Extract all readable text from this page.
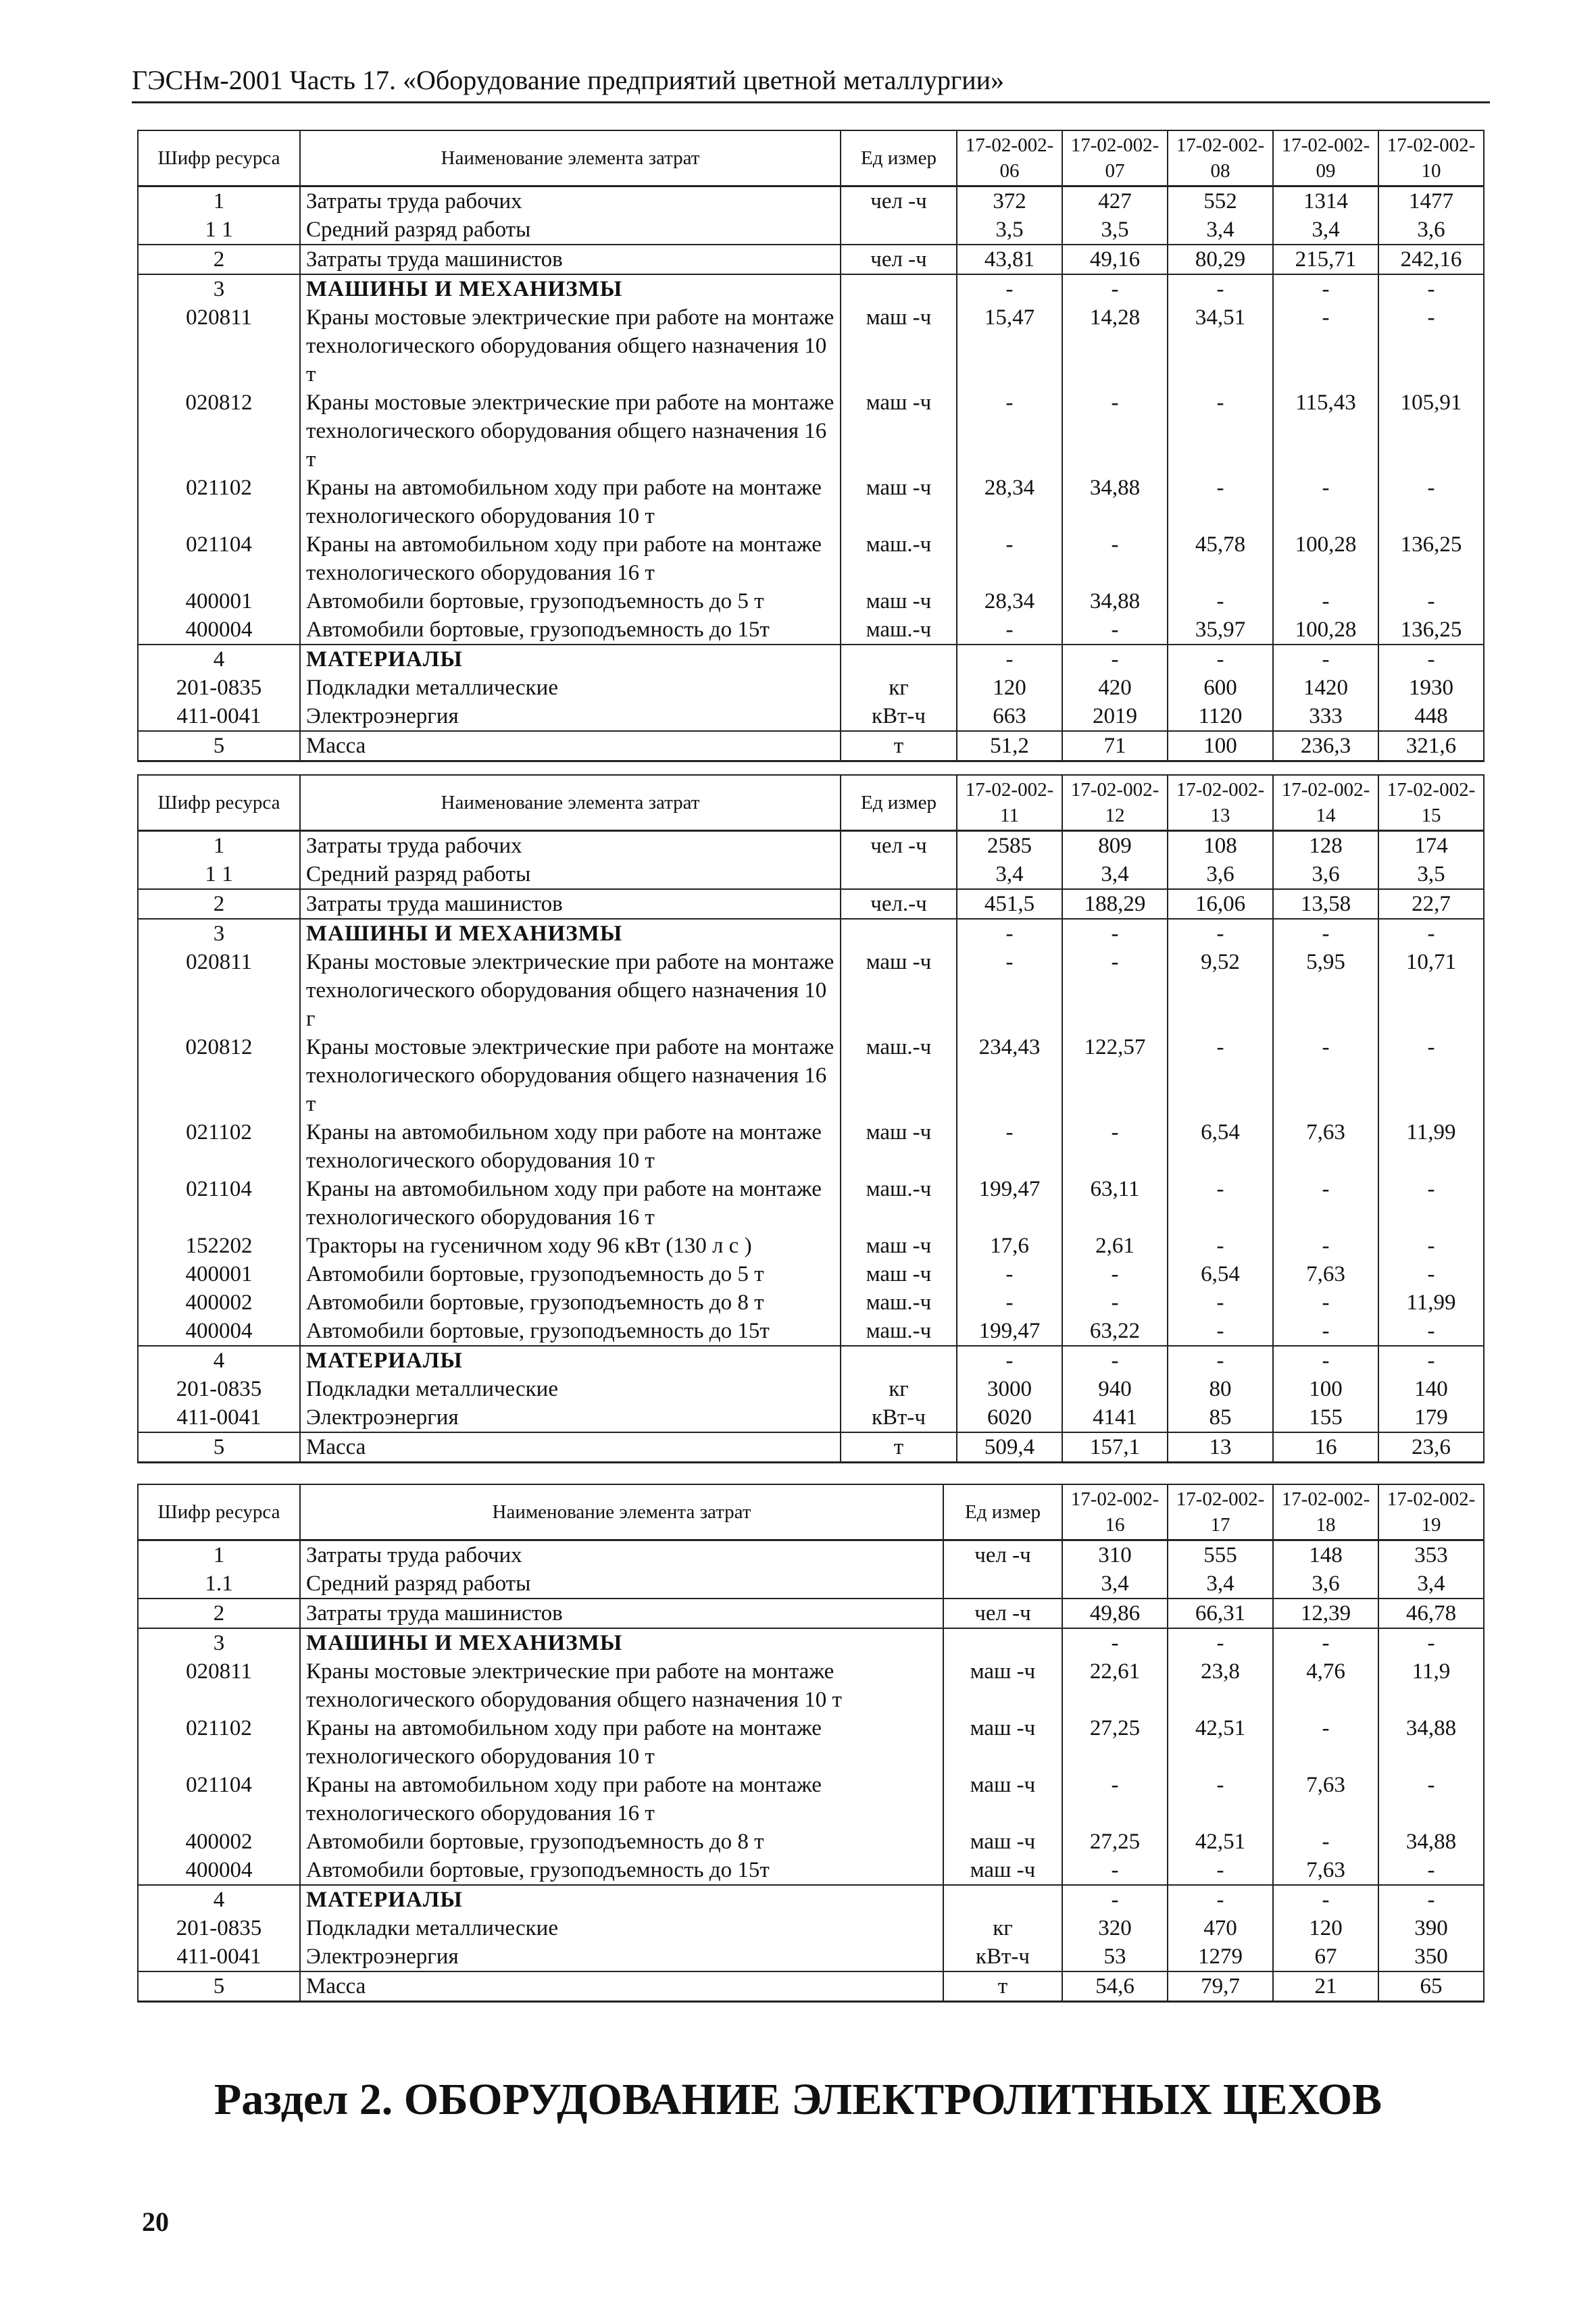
ГЭСНм-2001 Часть 17. «Оборудование предприятий цветной металлургии»
Шифр ресурса	Наименование элемента затрат	Ед измер	17-02-002-06	17-02-002-07	17-02-002-08	17-02-002-09	17-02-002-10
1	Затраты труда рабочих	чел -ч	372	427	552	1314	1477
1 1	Средний разряд работы		3,5	3,5	3,4	3,4	3,6
2	Затраты труда машинистов	чел -ч	43,81	49,16	80,29	215,71	242,16
3	МАШИНЫ И МЕХАНИЗМЫ		-	-	-	-	-
020811	Краны мостовые электрические при работе на монтаже технологического оборудования общего назначения 10 т	маш -ч	15,47	14,28	34,51	-	-
020812	Краны мостовые электрические при работе на монтаже технологического оборудования общего назначения 16 т	маш -ч	-	-	-	115,43	105,91
021102	Краны на автомобильном ходу при работе на монтаже технологического оборудования 10 т	маш -ч	28,34	34,88	-	-	-
021104	Краны на автомобильном ходу при работе на монтаже технологического оборудования 16 т	маш.-ч	-	-	45,78	100,28	136,25
400001	Автомобили бортовые, грузоподъемность до 5 т	маш -ч	28,34	34,88	-	-	-
400004	Автомобили бортовые, грузоподъемность до 15т	маш.-ч	-	-	35,97	100,28	136,25
4	МАТЕРИАЛЫ		-	-	-	-	-
201-0835	Подкладки металлические	кг	120	420	600	1420	1930
411-0041	Электроэнергия	кВт-ч	663	2019	1120	333	448
5	Масса	т	51,2	71	100	236,3	321,6
Шифр ресурса	Наименование элемента затрат	Ед измер	17-02-002-11	17-02-002-12	17-02-002-13	17-02-002-14	17-02-002-15
1	Затраты труда рабочих	чел -ч	2585	809	108	128	174
1 1	Средний разряд работы		3,4	3,4	3,6	3,6	3,5
2	Затраты труда машинистов	чел.-ч	451,5	188,29	16,06	13,58	22,7
3	МАШИНЫ И МЕХАНИЗМЫ		-	-	-	-	-
020811	Краны мостовые электрические при работе на монтаже технологического оборудования общего назначения 10 г	маш -ч	-	-	9,52	5,95	10,71
020812	Краны мостовые электрические при работе на монтаже технологического оборудования общего назначения 16 т	маш.-ч	234,43	122,57	-	-	-
021102	Краны на автомобильном ходу при работе на монтаже технологического оборудования 10 т	маш -ч	-	-	6,54	7,63	11,99
021104	Краны на автомобильном ходу при работе на монтаже технологического оборудования 16 т	маш.-ч	199,47	63,11	-	-	-
152202	Тракторы на гусеничном ходу 96 кВт (130 л с )	маш -ч	17,6	2,61	-	-	-
400001	Автомобили бортовые, грузоподъемность до 5 т	маш -ч	-	-	6,54	7,63	-
400002	Автомобили бортовые, грузоподъемность до 8 т	маш.-ч	-	-	-	-	11,99
400004	Автомобили бортовые, грузоподъемность до 15т	маш.-ч	199,47	63,22	-	-	-
4	МАТЕРИАЛЫ		-	-	-	-	-
201-0835	Подкладки металлические	кг	3000	940	80	100	140
411-0041	Электроэнергия	кВт-ч	6020	4141	85	155	179
5	Масса	т	509,4	157,1	13	16	23,6
Шифр ресурса	Наименование элемента затрат	Ед измер	17-02-002-16	17-02-002-17	17-02-002-18	17-02-002-19
1	Затраты труда рабочих	чел -ч	310	555	148	353
1.1	Средний разряд работы		3,4	3,4	3,6	3,4
2	Затраты труда машинистов	чел -ч	49,86	66,31	12,39	46,78
3	МАШИНЫ И МЕХАНИЗМЫ		-	-	-	-
020811	Краны мостовые электрические при работе на монтаже технологического оборудования общего назначения 10 т	маш -ч	22,61	23,8	4,76	11,9
021102	Краны на автомобильном ходу при работе на монтаже технологического оборудования 10 т	маш -ч	27,25	42,51	-	34,88
021104	Краны на автомобильном ходу при работе на монтаже технологического оборудования 16 т	маш -ч	-	-	7,63	-
400002	Автомобили бортовые, грузоподъемность до 8 т	маш -ч	27,25	42,51	-	34,88
400004	Автомобили бортовые, грузоподъемность до 15т	маш -ч	-	-	7,63	-
4	МАТЕРИАЛЫ		-	-	-	-
201-0835	Подкладки металлические	кг	320	470	120	390
411-0041	Электроэнергия	кВт-ч	53	1279	67	350
5	Масса	т	54,6	79,7	21	65
Раздел 2. ОБОРУДОВАНИЕ ЭЛЕКТРОЛИТНЫХ ЦЕХОВ
20
